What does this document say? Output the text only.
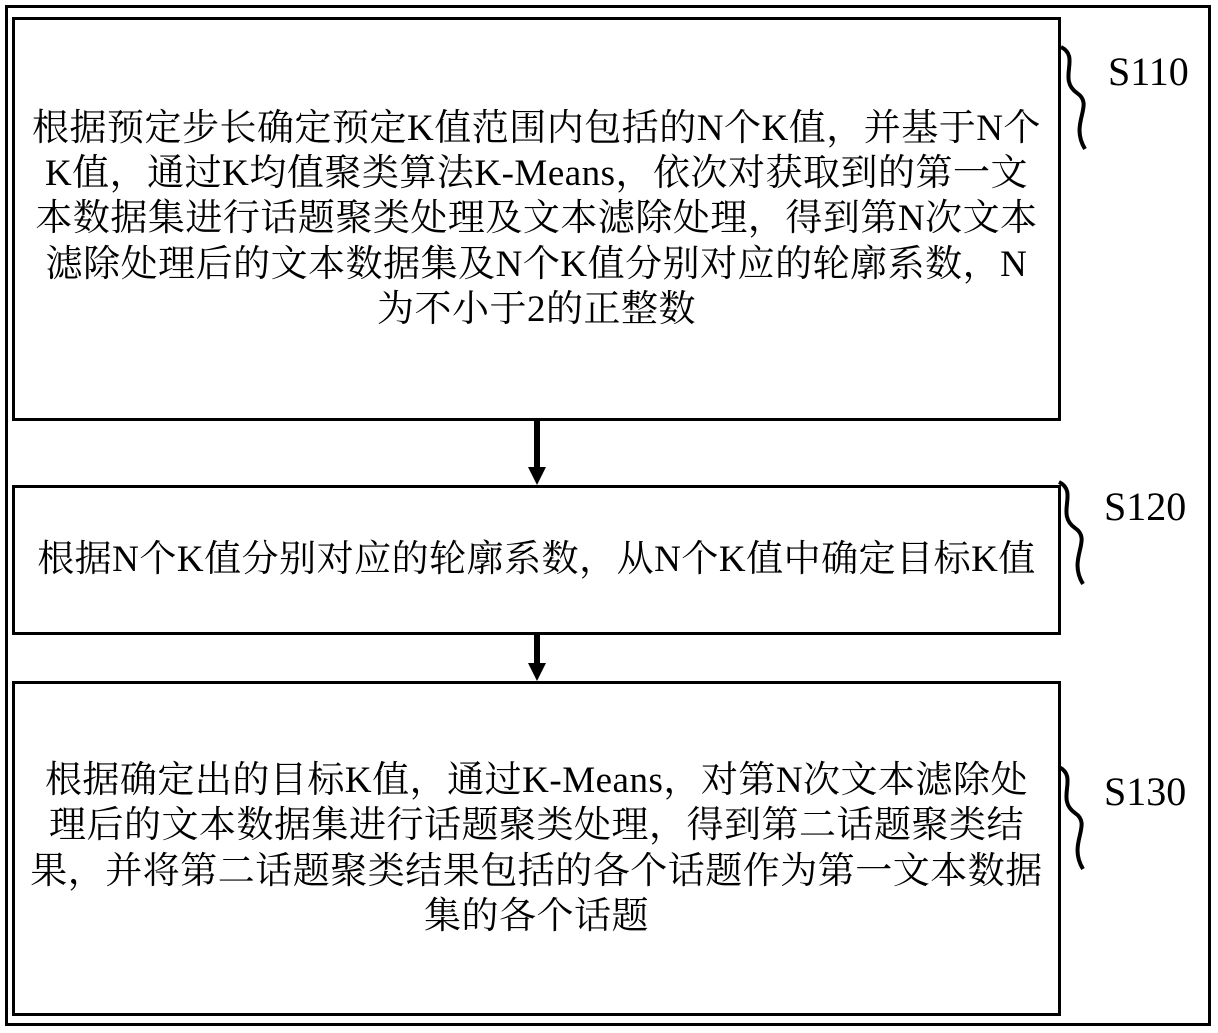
根据预定步长确定预定K值范围内包括的N个K值，并基于N个K值，通过K均值聚类算法K-Means，依次对获取到的第一文本数据集进行话题聚类处理及文本滤除处理，得到第N次文本滤除处理后的文本数据集及N个K值分别对应的轮廓系数，N为不小于2的正整数
根据N个K值分别对应的轮廓系数，从N个K值中确定目标K值
根据确定出的目标K值，通过K-Means，对第N次文本滤除处理后的文本数据集进行话题聚类处理，得到第二话题聚类结果，并将第二话题聚类结果包括的各个话题作为第一文本数据集的各个话题
S110
S120
S130
